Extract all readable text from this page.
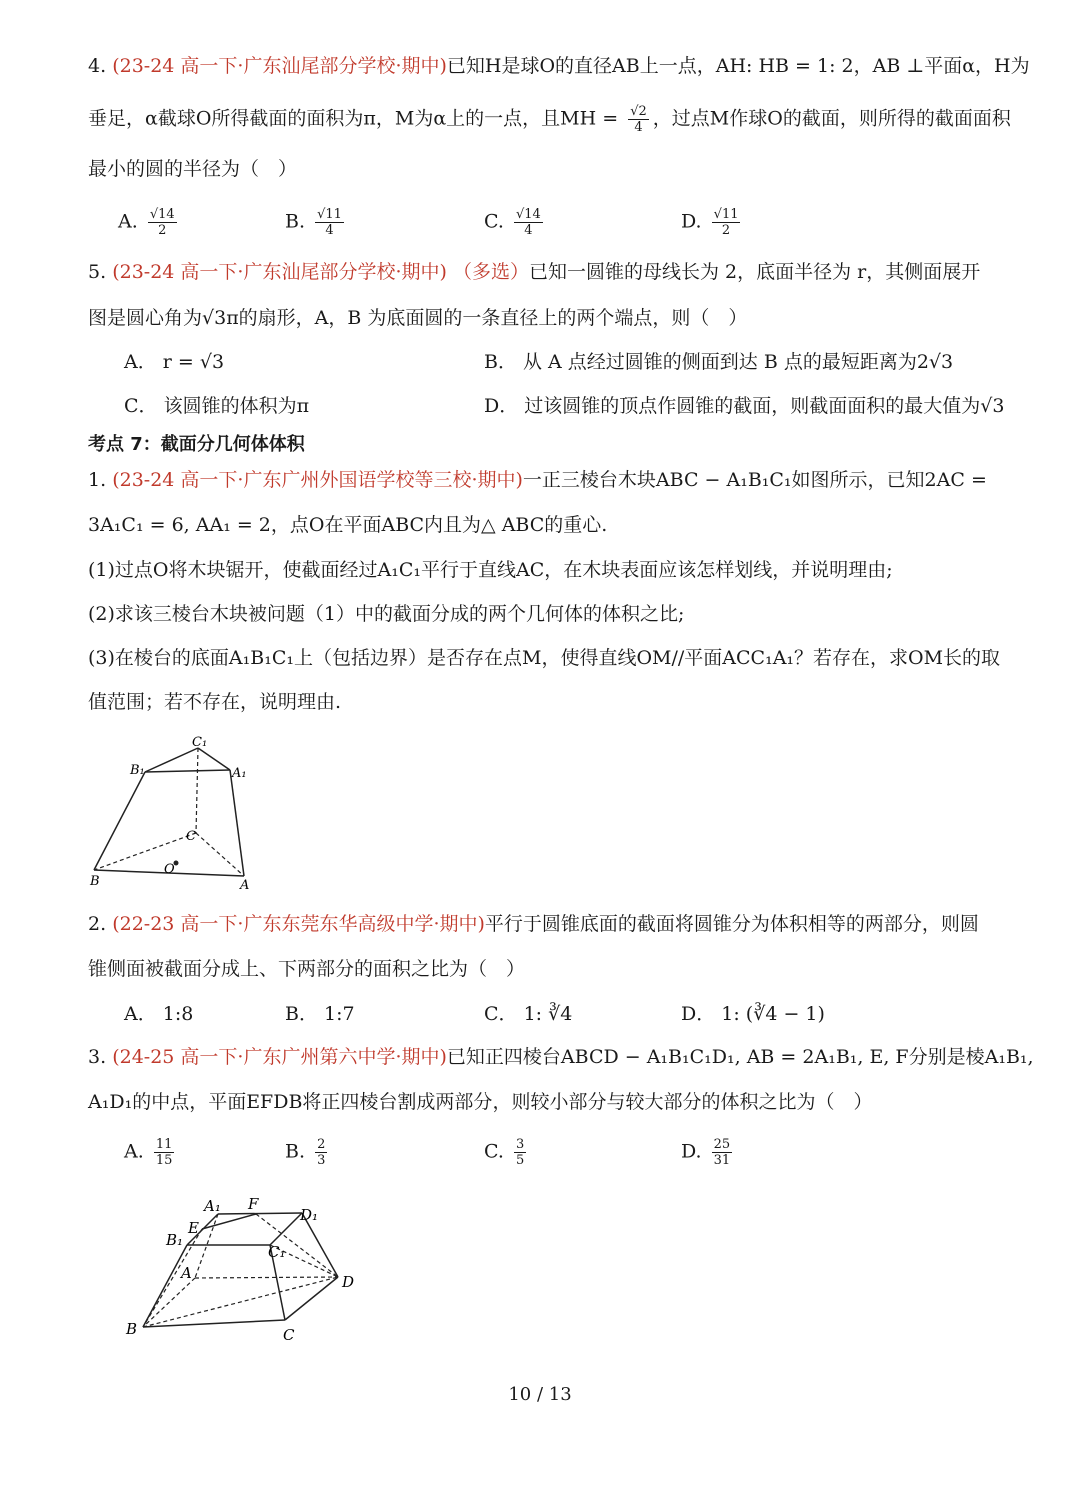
4. (23-24 高一下·广东汕尾部分学校·期中)已知H是球O的直径AB上一点，AH: HB = 1: 2，AB ⊥平面α，H为
垂足，α截球O所得截面的面积为π，M为α上的一点，且MH = $\frac{√2}{4}$ ，过点M作球O的截面，则所得的截面面积
最小的圆的半径为（　）
A. $\frac{√14}{2}$	B. $\frac{√11}{4}$	C. $\frac{√14}{4}$	D. $\frac{√11}{2}$
5. (23-24 高一下·广东汕尾部分学校·期中) （多选）已知一圆锥的母线长为 2，底面半径为 r，其侧面展开
图是圆心角为√3π的扇形，A，B 为底面圆的一条直径上的两个端点，则（　）
A． r = √3	B． 从 A 点经过圆锥的侧面到达 B 点的最短距离为2√3
C． 该圆锥的体积为π	D． 过该圆锥的顶点作圆锥的截面，则截面面积的最大值为√3
考点 7：截面分几何体体积
1. (23-24 高一下·广东广州外国语学校等三校·期中)一正三棱台木块ABC − A₁B₁C₁如图所示，已知2AC =
3A₁C₁ = 6, AA₁ = 2，点O在平面ABC内且为△ ABC的重心.
(1)过点O将木块锯开，使截面经过A₁C₁平行于直线AC，在木块表面应该怎样划线，并说明理由;
(2)求该三棱台木块被问题（1）中的截面分成的两个几何体的体积之比;
(3)在棱台的底面A₁B₁C₁上（包括边界）是否存在点M，使得直线OM//平面ACC₁A₁？若存在，求OM长的取
值范围；若不存在，说明理由.
C₁
B₁	A₁
C
O
B	A
2. (22-23 高一下·广东东莞东华高级中学·期中)平行于圆锥底面的截面将圆锥分为体积相等的两部分，则圆
锥侧面被截面分成上、下两部分的面积之比为（　）
A． 1:8	B． 1:7	C． 1: ∛4	D． 1: (∛4 − 1)
3. (24-25 高一下·广东广州第六中学·期中)已知正四棱台ABCD − A₁B₁C₁D₁, AB = 2A₁B₁, E, F分别是棱A₁B₁,
A₁D₁的中点，平面EFDB将正四棱台割成两部分，则较小部分与较大部分的体积之比为（　）
A. $\frac{11}{15}$	B. $\frac{2}{3}$	C. $\frac{3}{5}$	D. $\frac{25}{31}$
A₁ F
D₁
E
B₁
C₁
A	D
B	C
10 / 13
